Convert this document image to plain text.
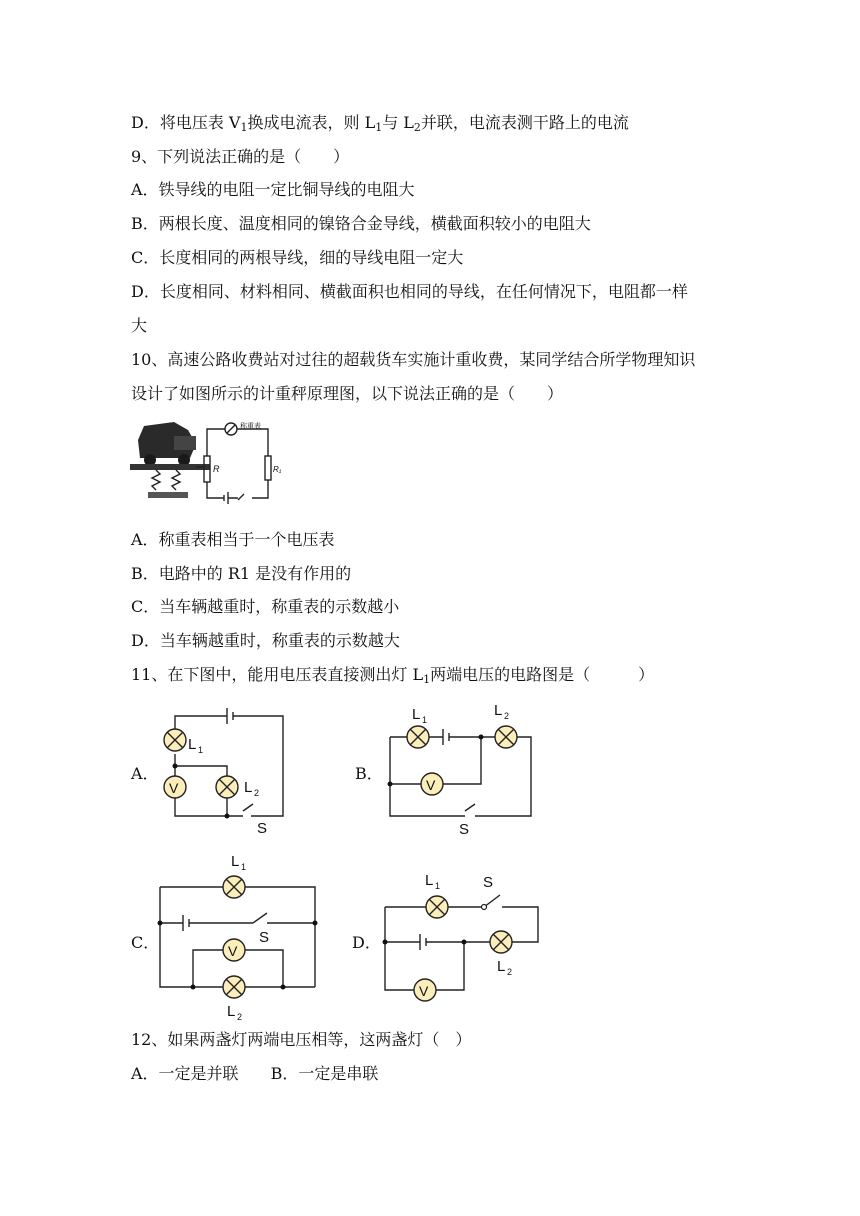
D．将电压表 $V_1$换成电流表，则 $L_1$与 $L_2$并联，电流表测干路上的电流
9、下列说法正确的是（　　）
A．铁导线的电阻一定比铜导线的电阻大
B．两根长度、温度相同的镍铬合金导线，横截面积较小的电阻大
C．长度相同的两根导线，细的导线电阻一定大
D．长度相同、材料相同、横截面积也相同的导线，在任何情况下，电阻都一样
大
10、高速公路收费站对过往的超载货车实施计重收费，某同学结合所学物理知识
设计了如图所示的计重秤原理图，以下说法正确的是（　　）
R
称重表
R₁
A．称重表相当于一个电压表
B．电路中的 R1 是没有作用的
C．当车辆越重时，称重表的示数越小
D．当车辆越重时，称重表的示数越大
11、在下图中，能用电压表直接测出灯 $L_1$两端电压的电路图是（　　　）
A．	B．
C．	D．
L 1
V	L 2
S
L 1
L 2
V
S
L 1
S
V
L 2
L 1	S
L 2
V
12、如果两盏灯两端电压相等，这两盏灯（　）
A．一定是并联 B．一定是串联
